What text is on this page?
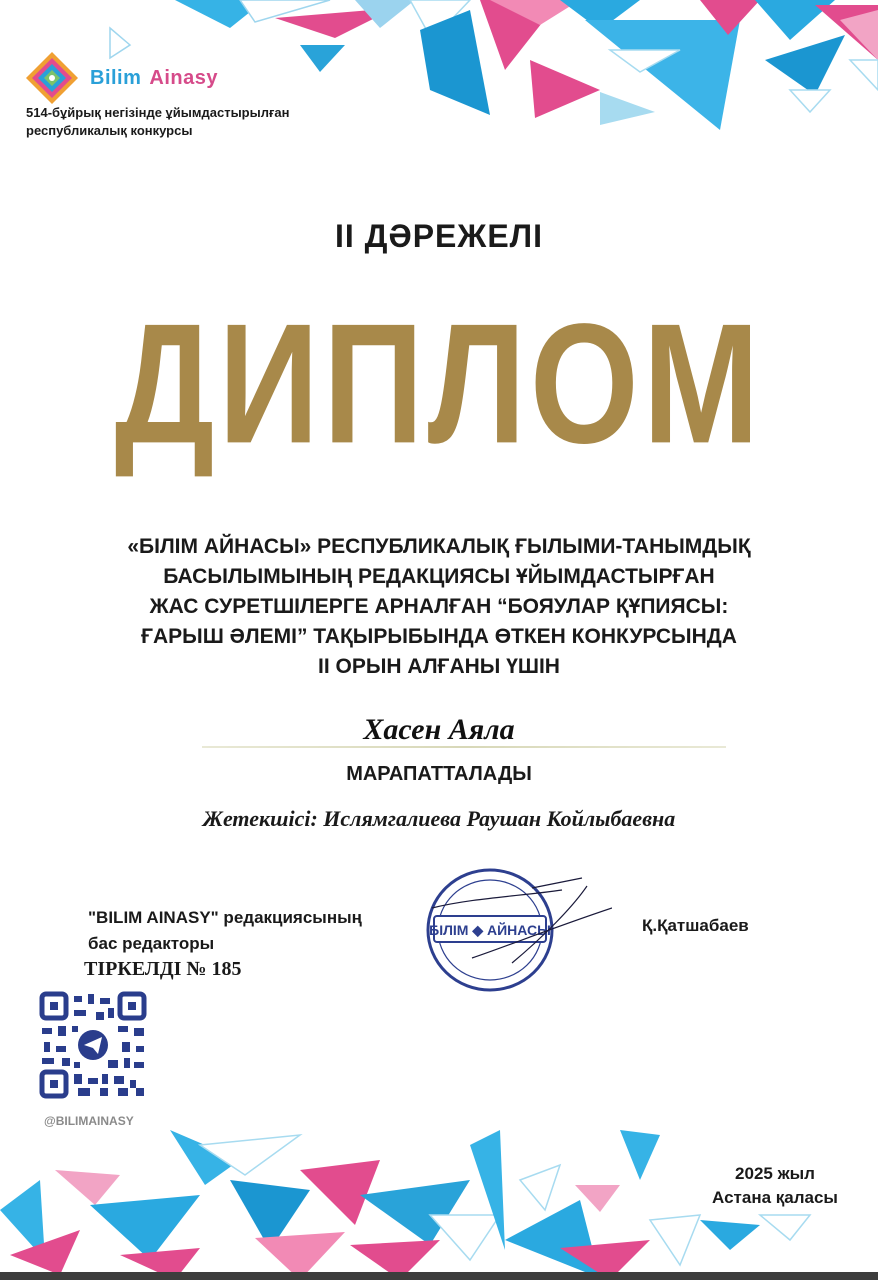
Bilim Ainasy
514-бұйрық негізінде ұйымдастырылған республикалық конкурсы
II ДӘРЕЖЕЛІ
ДИПЛОМ
«БІЛІМ АЙНАСЫ» РЕСПУБЛИКАЛЫҚ ҒЫЛЫМИ-ТАНЫМДЫҚ
БАСЫЛЫМЫНЫҢ РЕДАКЦИЯСЫ ҰЙЫМДАСТЫРҒАН
ЖАС СУРЕТШІЛЕРГЕ АРНАЛҒАН “БОЯУЛАР ҚҰПИЯСЫ:
ҒАРЫШ ӘЛЕМІ” ТАҚЫРЫБЫНДА ӨТКЕН КОНКУРСЫНДА
II ОРЫН АЛҒАНЫ ҮШІН
Хасен Аяла
МАРАПАТТАЛАДЫ
Жетекшісі: Ислямгалиева Раушан Койлыбаевна
"BILIM AINASY" редакциясының
бас редакторы
ТІРКЕЛДІ № 185
БІЛІМ ◆ АЙНАСЫ	Қ.Қатшабаев
@BILIMAINASY
2025 жыл
Астана қаласы
